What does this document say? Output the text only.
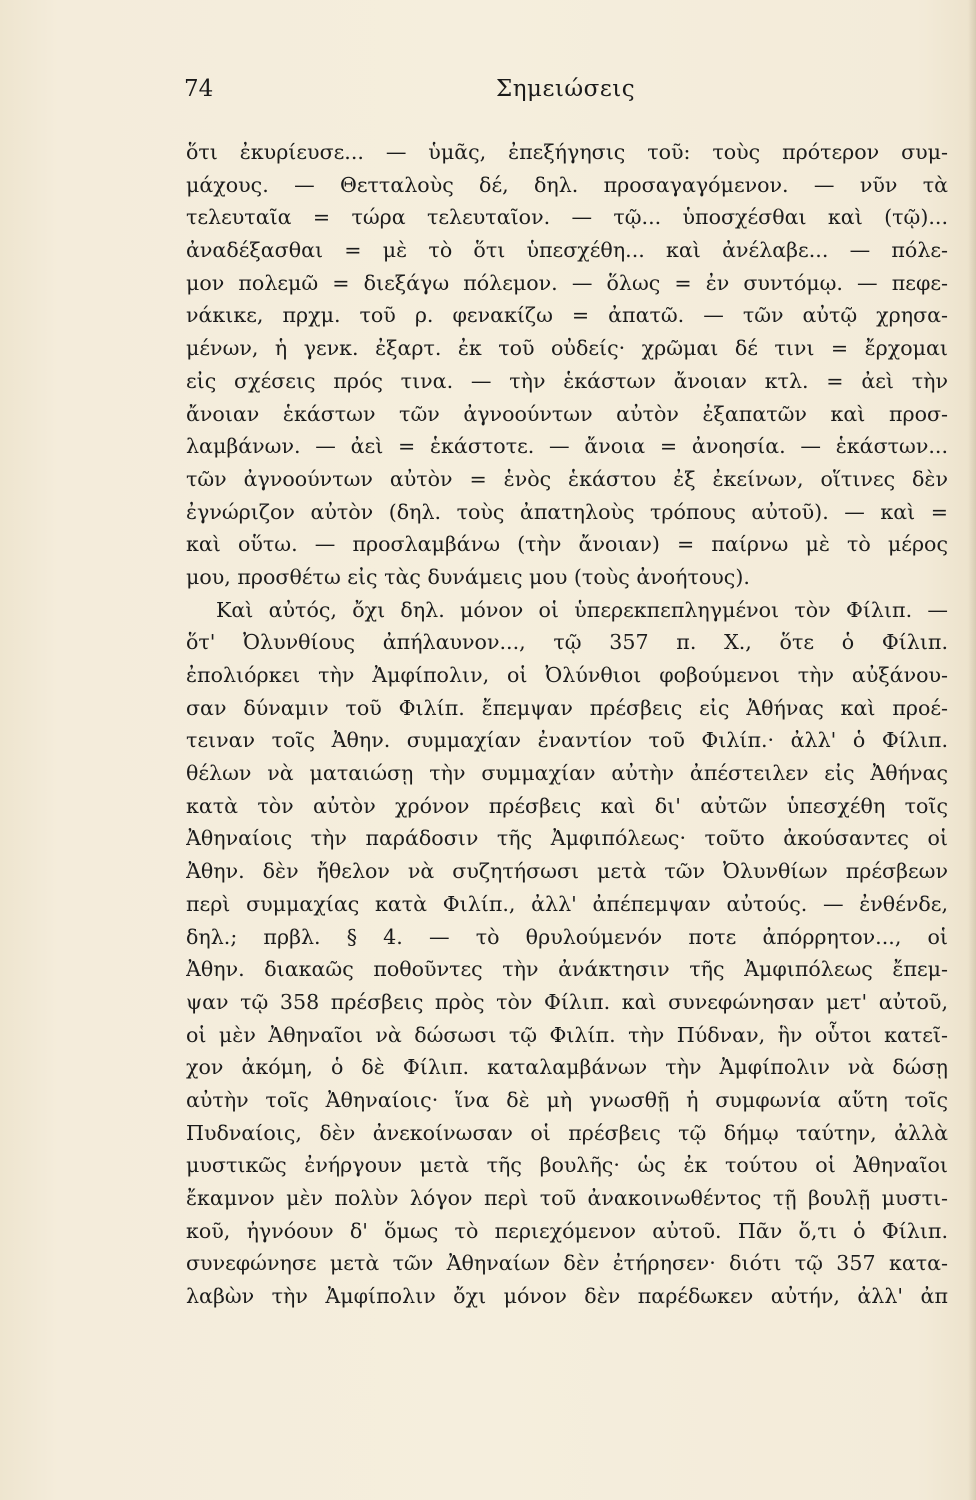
74	Σημειώσεις
ὅτι ἐκυρίευσε... — ὑμᾶς, ἐπεξήγησις τοῦ: τοὺς πρότερον συμ-
μάχους. — Θετταλοὺς δέ, δηλ. προσαγαγόμενον. — νῦν τὰ
τελευταῖα = τώρα τελευταῖον. — τῷ... ὑποσχέσθαι καὶ (τῷ)...
ἀναδέξασθαι = μὲ τὸ ὅτι ὑπεσχέθη... καὶ ἀνέλαβε... — πόλε-
μον πολεμῶ = διεξάγω πόλεμον. — ὅλως = ἐν συντόμῳ. — πεφε-
νάκικε, πρχμ. τοῦ ρ. φενακίζω = ἀπατῶ. — τῶν αὐτῷ χρησα-
μένων, ἡ γενκ. ἐξαρτ. ἐκ τοῦ οὐδείς· χρῶμαι δέ τινι = ἔρχομαι
εἰς σχέσεις πρός τινα. — τὴν ἑκάστων ἄνοιαν κτλ. = ἀεὶ τὴν
ἄνοιαν ἑκάστων τῶν ἀγνοούντων αὐτὸν ἐξαπατῶν καὶ προσ-
λαμβάνων. — ἀεὶ = ἑκάστοτε. — ἄνοια = ἀνοησία. — ἑκάστων...
τῶν ἀγνοούντων αὐτὸν = ἑνὸς ἑκάστου ἐξ ἐκείνων, οἵτινες δὲν
ἐγνώριζον αὐτὸν (δηλ. τοὺς ἀπατηλοὺς τρόπους αὐτοῦ). — καὶ =
καὶ οὕτω. — προσλαμβάνω (τὴν ἄνοιαν) = παίρνω μὲ τὸ μέρος
μου, προσθέτω εἰς τὰς δυνάμεις μου (τοὺς ἀνοήτους).
Καὶ αὐτός, ὄχι δηλ. μόνον οἱ ὑπερεκπεπληγμένοι τὸν Φίλιπ. —
ὅτ' Ὀλυνθίους ἀπήλαυνον..., τῷ 357 π. Χ., ὅτε ὁ Φίλιπ.
ἐπολιόρκει τὴν Ἀμφίπολιν, οἱ Ὀλύνθιοι φοβούμενοι τὴν αὐξάνου-
σαν δύναμιν τοῦ Φιλίπ. ἔπεμψαν πρέσβεις εἰς Ἀθήνας καὶ προέ-
τειναν τοῖς Ἀθην. συμμαχίαν ἐναντίον τοῦ Φιλίπ.· ἀλλ' ὁ Φίλιπ.
θέλων νὰ ματαιώσῃ τὴν συμμαχίαν αὐτὴν ἀπέστειλεν εἰς Ἀθήνας
κατὰ τὸν αὐτὸν χρόνον πρέσβεις καὶ δι' αὐτῶν ὑπεσχέθη τοῖς
Ἀθηναίοις τὴν παράδοσιν τῆς Ἀμφιπόλεως· τοῦτο ἀκούσαντες οἱ
Ἀθην. δὲν ἤθελον νὰ συζητήσωσι μετὰ τῶν Ὀλυνθίων πρέσβεων
περὶ συμμαχίας κατὰ Φιλίπ., ἀλλ' ἀπέπεμψαν αὐτούς. — ἐνθένδε,
δηλ.; πρβλ. § 4. — τὸ θρυλούμενόν ποτε ἀπόρρητον..., οἱ
Ἀθην. διακαῶς ποθοῦντες τὴν ἀνάκτησιν τῆς Ἀμφιπόλεως ἔπεμ-
ψαν τῷ 358 πρέσβεις πρὸς τὸν Φίλιπ. καὶ συνεφώνησαν μετ' αὐτοῦ,
οἱ μὲν Ἀθηναῖοι νὰ δώσωσι τῷ Φιλίπ. τὴν Πύδναν, ἣν οὗτοι κατεῖ-
χον ἀκόμη, ὁ δὲ Φίλιπ. καταλαμβάνων τὴν Ἀμφίπολιν νὰ δώσῃ
αὐτὴν τοῖς Ἀθηναίοις· ἵνα δὲ μὴ γνωσθῇ ἡ συμφωνία αὕτη τοῖς
Πυδναίοις, δὲν ἀνεκοίνωσαν οἱ πρέσβεις τῷ δήμῳ ταύτην, ἀλλὰ
μυστικῶς ἐνήργουν μετὰ τῆς βουλῆς· ὡς ἐκ τούτου οἱ Ἀθηναῖοι
ἔκαμνον μὲν πολὺν λόγον περὶ τοῦ ἀνακοινωθέντος τῇ βουλῇ μυστι-
κοῦ, ἠγνόουν δ' ὅμως τὸ περιεχόμενον αὐτοῦ. Πᾶν ὅ,τι ὁ Φίλιπ.
συνεφώνησε μετὰ τῶν Ἀθηναίων δὲν ἐτήρησεν· διότι τῷ 357 κατα-
λαβὼν τὴν Ἀμφίπολιν ὄχι μόνον δὲν παρέδωκεν αὐτήν, ἀλλ' ἀπ
